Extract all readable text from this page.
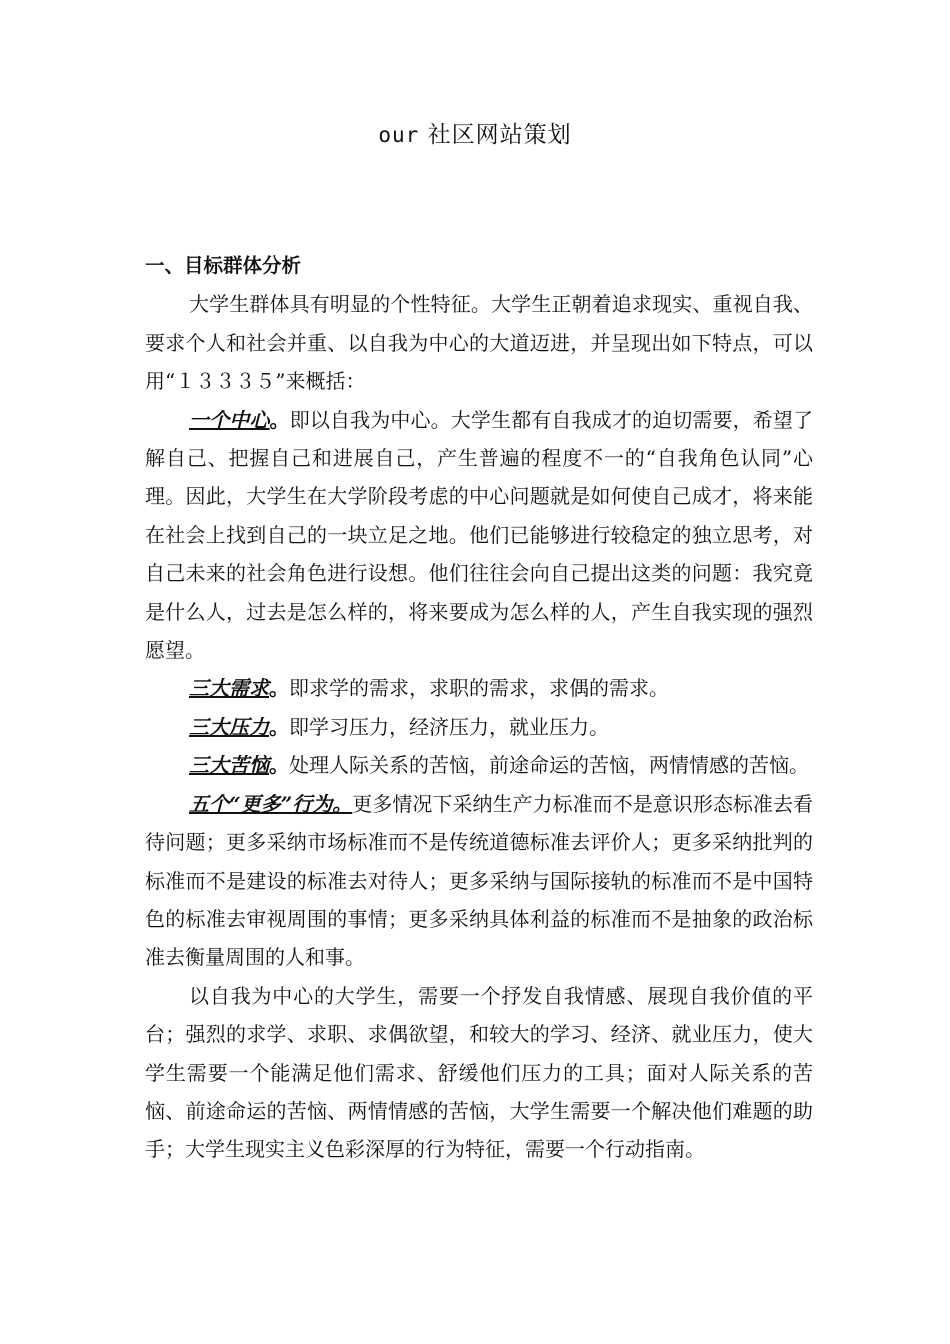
our 社区网站策划
一、目标群体分析

大学生群体具有明显的个性特征。大学生正朝着追求现实、重视自我、要求个人和社会并重、以自我为中心的大道迈进，并呈现出如下特点，可以用“１３３３５”来概括：

一个中心。即以自我为中心。大学生都有自我成才的迫切需要，希望了解自己、把握自己和进展自己，产生普遍的程度不一的“自我角色认同”心理。因此，大学生在大学阶段考虑的中心问题就是如何使自己成才，将来能在社会上找到自己的一块立足之地。他们已能够进行较稳定的独立思考，对自己未来的社会角色进行设想。他们往往会向自己提出这类的问题：我究竟是什么人，过去是怎么样的，将来要成为怎么样的人，产生自我实现的强烈愿望。

三大需求。即求学的需求，求职的需求，求偶的需求。

三大压力。即学习压力，经济压力，就业压力。

三大苦恼。处理人际关系的苦恼，前途命运的苦恼，两情情感的苦恼。

五个“更多”行为。更多情况下采纳生产力标准而不是意识形态标准去看待问题；更多采纳市场标准而不是传统道德标准去评价人；更多采纳批判的标准而不是建设的标准去对待人；更多采纳与国际接轨的标准而不是中国特色的标准去审视周围的事情；更多采纳具体利益的标准而不是抽象的政治标准去衡量周围的人和事。

以自我为中心的大学生，需要一个抒发自我情感、展现自我价值的平台；强烈的求学、求职、求偶欲望，和较大的学习、经济、就业压力，使大学生需要一个能满足他们需求、舒缓他们压力的工具；面对人际关系的苦恼、前途命运的苦恼、两情情感的苦恼，大学生需要一个解决他们难题的助手；大学生现实主义色彩深厚的行为特征，需要一个行动指南。
